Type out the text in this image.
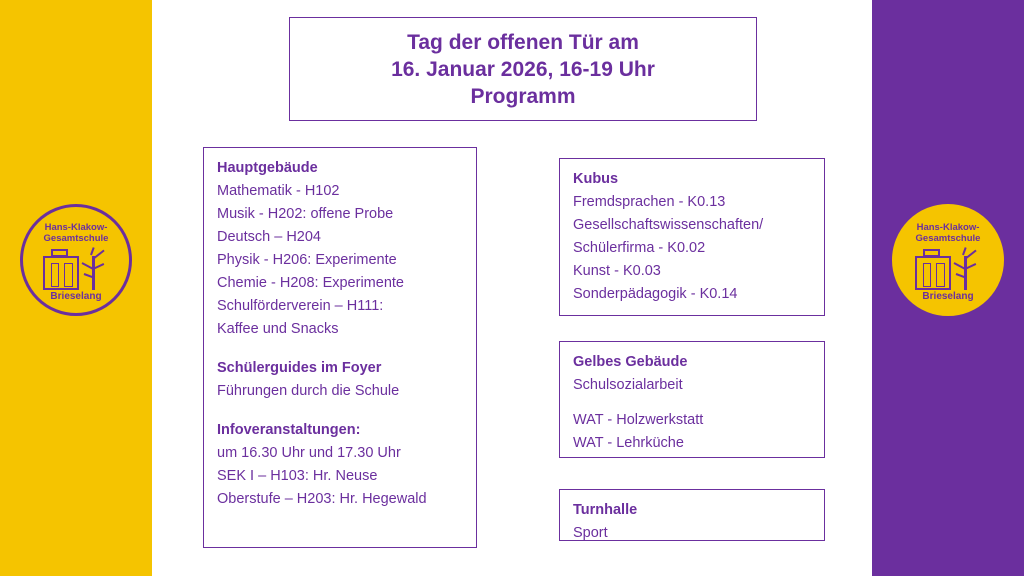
Hans-Klakow-
Gesamtschule
Brieselang
Hans-Klakow-
Gesamtschule
Brieselang
Tag der offenen Tür am
16. Januar 2026, 16-19 Uhr
Programm
Hauptgebäude
Mathematik - H102
Musik - H202: offene Probe
Deutsch – H204
Physik - H206: Experimente
Chemie - H208: Experimente
Schulförderverein – H111:
Kaffee und Snacks
Schülerguides im Foyer
Führungen durch die Schule
Infoveranstaltungen:
um 16.30 Uhr und 17.30 Uhr
SEK I – H103: Hr. Neuse
Oberstufe – H203: Hr. Hegewald
Kubus
Fremdsprachen - K0.13
Gesellschaftswissenschaften/
Schülerfirma - K0.02
Kunst - K0.03
Sonderpädagogik - K0.14
Gelbes Gebäude
Schulsozialarbeit
WAT - Holzwerkstatt
WAT - Lehrküche
Turnhalle
Sport
